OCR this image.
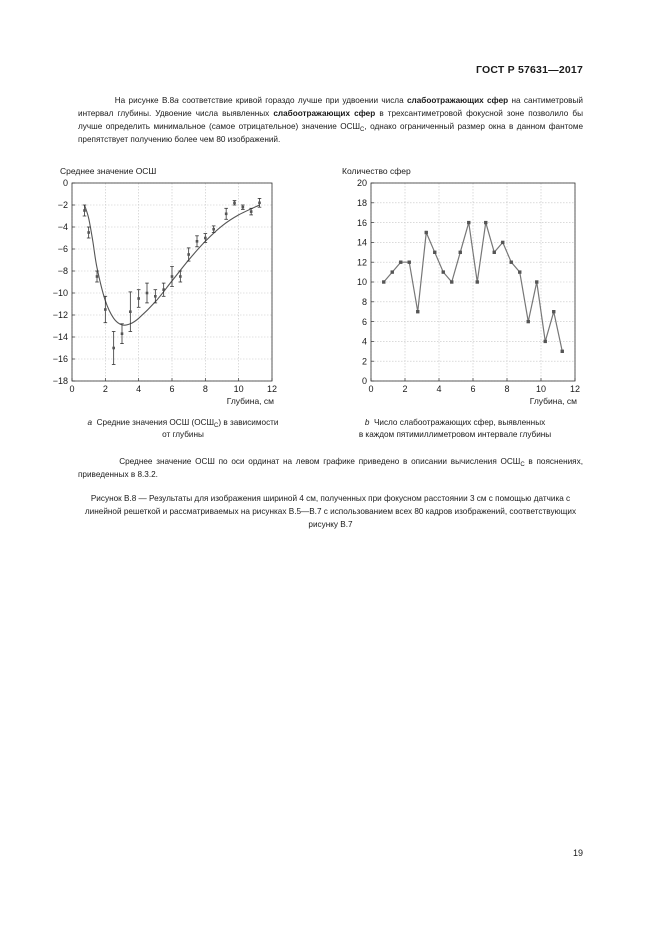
ГОСТ Р 57631—2017
На рисунке В.8а соответствие кривой гораздо лучше при удвоении числа слабоотражающих сфер на сантиметровый интервал глубины. Удвоение числа выявленных слабоотражающих сфер в трехсантиметровой фокусной зоне позволило бы лучше определить минимальное (самое отрицательное) значение $ОСШ_C$, однако ограниченный размер окна в данном фантоме препятствует получению более чем 80 изображений.
Среднее значение ОСШ
0	2	4	6	8	10	12
0
−2
−4
−6
−8
−10
−12
−14
−16
−18
Глубина, см
Количество сфер
0	2	4	6	8	10	12
20
18
16
14
12
10
8
6
4
2
0
Глубина, см
а Средние значения ОСШ $(ОСШ_C)$ в зависимости
от глубины
b Число слабоотражающих сфер, выявленных
в каждом пятимиллиметровом интервале глубины
Среднее значение ОСШ по оси ординат на левом графике приведено в описании вычисления $ОСШ_С$ в пояснениях, приведенных в 8.3.2.
Рисунок В.8 — Результаты для изображения шириной 4 см, полученных при фокусном расстоянии 3 см с помощью датчика с линейной решеткой и рассматриваемых на рисунках В.5—В.7 с использованием всех 80 кадров изображений, соответствующих рисунку В.7
19
